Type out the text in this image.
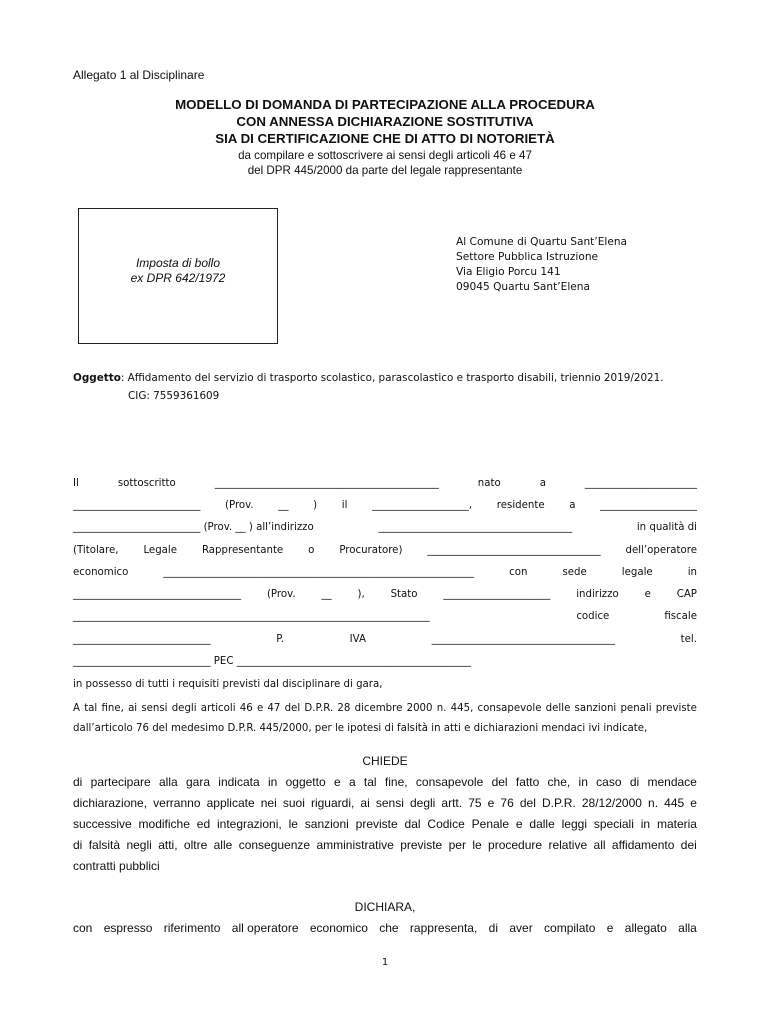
Allegato 1 al Disciplinare
MODELLO DI DOMANDA DI PARTECIPAZIONE ALLA PROCEDURA
CON ANNESSA DICHIARAZIONE SOSTITUTIVA
SIA DI CERTIFICAZIONE CHE DI ATTO DI NOTORIETÀ
da compilare e sottoscrivere ai sensi degli articoli 46 e 47
del DPR 445/2000 da parte del legale rappresentante
Imposta di bollo
ex DPR 642/1972
Al Comune di Quartu Sant’Elena
Settore Pubblica Istruzione
Via Eligio Porcu 141
09045 Quartu Sant’Elena
Oggetto: Affidamento del servizio di trasporto scolastico, parascolastico e trasporto disabili, triennio 2019/2021.
CIG: 7559361609
Il	sottoscritto	____________________________________________	nato	a	______________________
_________________________ (Prov. __ ) il ___________________, residente a ___________________
_________________________ (Prov. __ ) all’indirizzo	______________________________________	in qualità di
(Titolare, Legale Rappresentante o Procuratore) __________________________________ dell’operatore
economico	_____________________________________________________________	con	sede	legale	in
_________________________________	(Prov.	__	),	Stato	_____________________	indirizzo	e	CAP
______________________________________________________________________	codice	fiscale
___________________________	P.	IVA	____________________________________	tel.
___________________________ PEC ______________________________________________
in possesso di tutti i requisiti previsti dal disciplinare di gara,
A tal fine, ai sensi degli articoli 46 e 47 del D.P.R. 28 dicembre 2000 n. 445, consapevole delle sanzioni penali previste
dall’articolo 76 del medesimo D.P.R. 445/2000, per le ipotesi di falsità in atti e dichiarazioni mendaci ivi indicate,
CHIEDE
di partecipare alla gara indicata in oggetto e a tal fine, consapevole del fatto che, in caso di mendace
dichiarazione, verranno applicate nei suoi riguardi, ai sensi degli artt. 75 e 76 del D.P.R. 28/12/2000 n. 445 e
successive modifiche ed integrazioni, le sanzioni previste dal Codice Penale e dalle leggi speciali in materia
di falsità negli atti, oltre alle conseguenze amministrative previste per le procedure relative all affidamento dei
contratti pubblici
DICHIARA,
con espresso riferimento all operatore economico che rappresenta, di aver compilato e allegato alla
1
